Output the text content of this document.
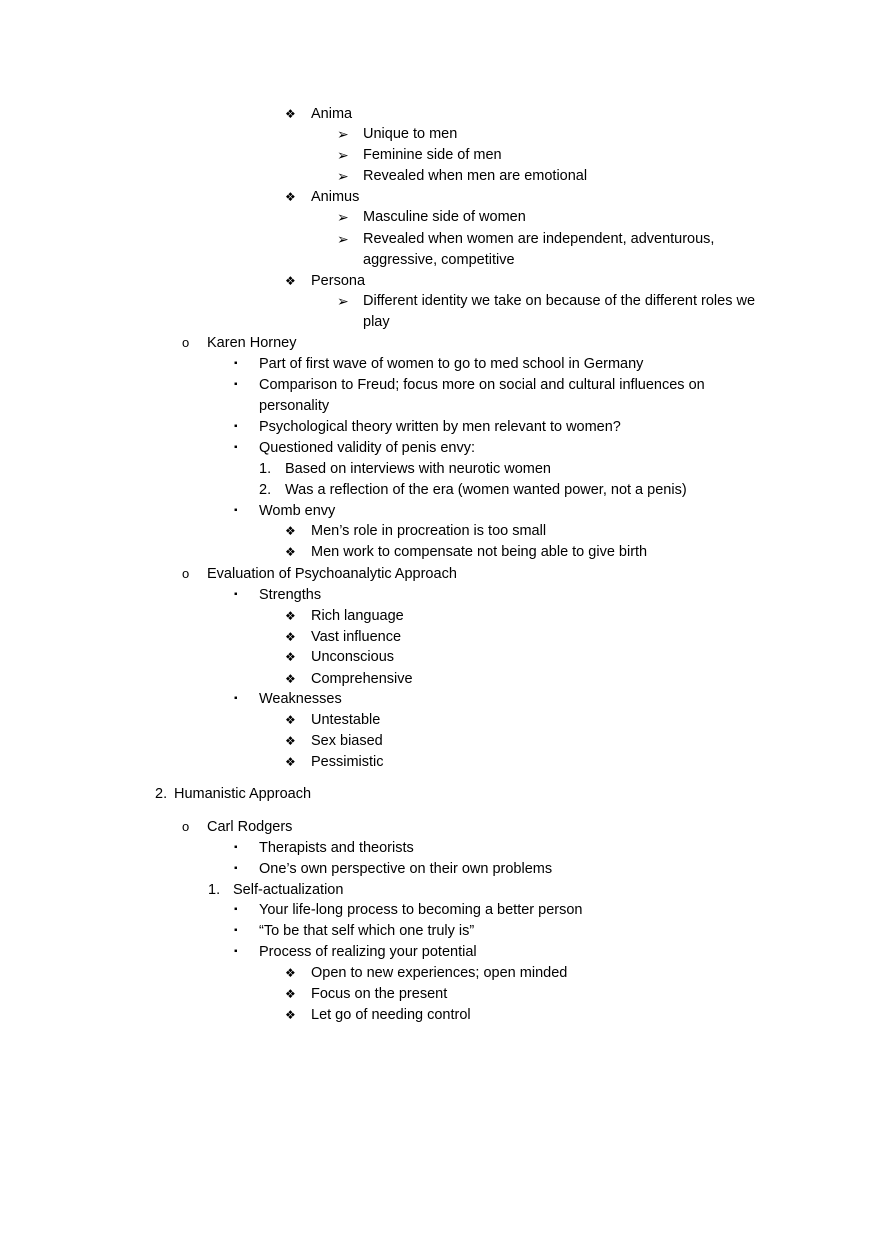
❖ Anima
➢ Unique to men
➢ Feminine side of men
➢ Revealed when men are emotional
❖ Animus
➢ Masculine side of women
➢ Revealed when women are independent, adventurous,
aggressive, competitive
❖ Persona
➢ Different identity we take on because of the different roles we
play
o Karen Horney
▪ Part of first wave of women to go to med school in Germany
▪ Comparison to Freud; focus more on social and cultural influences on
personality
▪ Psychological theory written by men relevant to women?
▪ Questioned validity of penis envy:
1. Based on interviews with neurotic women
2. Was a reflection of the era (women wanted power, not a penis)
▪ Womb envy
❖ Men’s role in procreation is too small
❖ Men work to compensate not being able to give birth
o Evaluation of Psychoanalytic Approach
▪ Strengths
❖ Rich language
❖ Vast influence
❖ Unconscious
❖ Comprehensive
▪ Weaknesses
❖ Untestable
❖ Sex biased
❖ Pessimistic
2. Humanistic Approach
o Carl Rodgers
▪ Therapists and theorists
▪ One’s own perspective on their own problems
1. Self-actualization
▪ Your life-long process to becoming a better person
▪ “To be that self which one truly is”
▪ Process of realizing your potential
❖ Open to new experiences; open minded
❖ Focus on the present
❖ Let go of needing control
